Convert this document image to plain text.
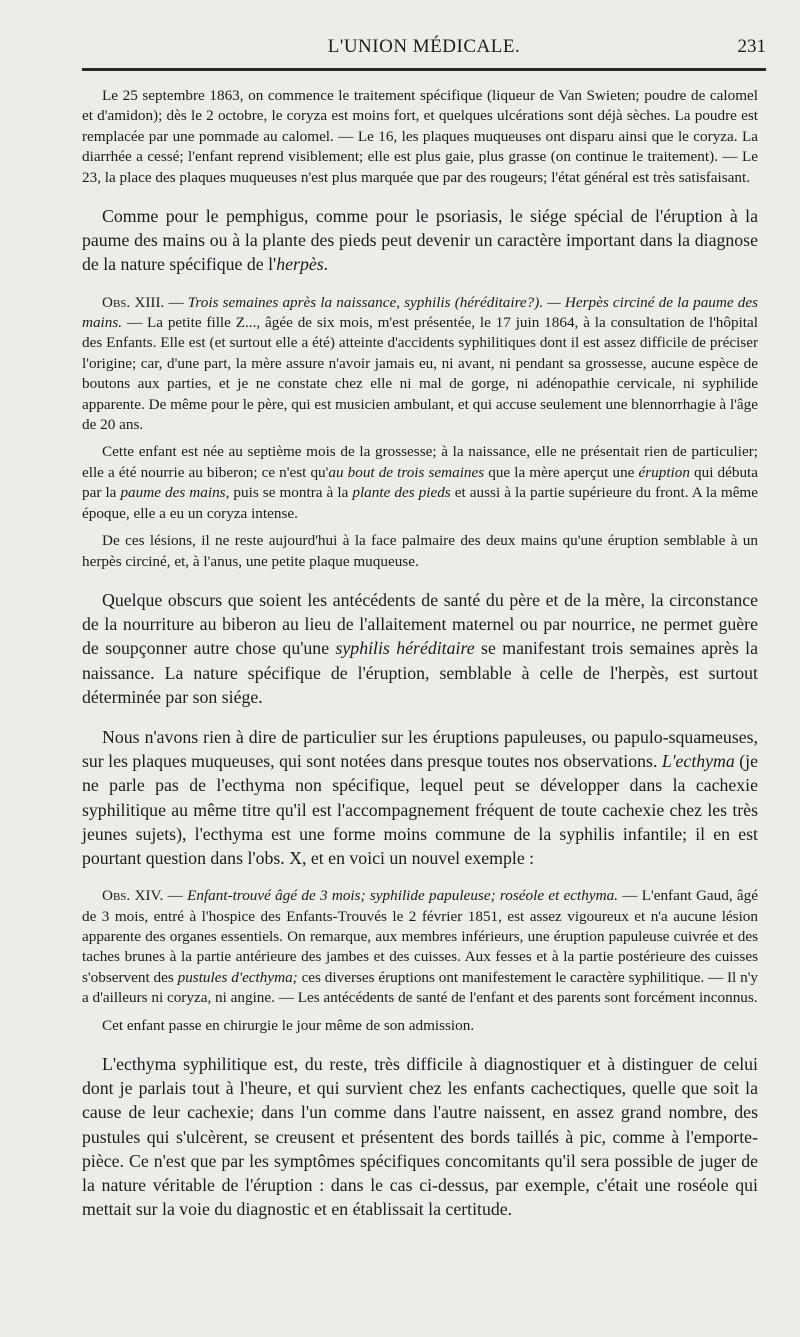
L'UNION MÉDICALE.	231

Le 25 septembre 1863, on commence le traitement spécifique (liqueur de Van Swieten; poudre de calomel et d'amidon); dès le 2 octobre, le coryza est moins fort, et quelques ulcérations sont déjà sèches. La poudre est remplacée par une pommade au calomel. — Le 16, les plaques muqueuses ont disparu ainsi que le coryza. La diarrhée a cessé; l'enfant reprend visiblement; elle est plus gaie, plus grasse (on continue le traitement). — Le 23, la place des plaques muqueuses n'est plus marquée que par des rougeurs; l'état général est très satisfaisant.

Comme pour le pemphigus, comme pour le psoriasis, le siége spécial de l'éruption à la paume des mains ou à la plante des pieds peut devenir un caractère important dans la diagnose de la nature spécifique de l'herpès.

Obs. XIII. — Trois semaines après la naissance, syphilis (héréditaire?). — Herpès circiné de la paume des mains. — La petite fille Z..., âgée de six mois, m'est présentée, le 17 juin 1864, à la consultation de l'hôpital des Enfants. Elle est (et surtout elle a été) atteinte d'accidents syphilitiques dont il est assez difficile de préciser l'origine; car, d'une part, la mère assure n'avoir jamais eu, ni avant, ni pendant sa grossesse, aucune espèce de boutons aux parties, et je ne constate chez elle ni mal de gorge, ni adénopathie cervicale, ni syphilide apparente. De même pour le père, qui est musicien ambulant, et qui accuse seulement une blennorrhagie à l'âge de 20 ans.

Cette enfant est née au septième mois de la grossesse; à la naissance, elle ne présentait rien de particulier; elle a été nourrie au biberon; ce n'est qu'au bout de trois semaines que la mère aperçut une éruption qui débuta par la paume des mains, puis se montra à la plante des pieds et aussi à la partie supérieure du front. A la même époque, elle a eu un coryza intense.

De ces lésions, il ne reste aujourd'hui à la face palmaire des deux mains qu'une éruption semblable à un herpès circiné, et, à l'anus, une petite plaque muqueuse.

Quelque obscurs que soient les antécédents de santé du père et de la mère, la circonstance de la nourriture au biberon au lieu de l'allaitement maternel ou par nourrice, ne permet guère de soupçonner autre chose qu'une syphilis héréditaire se manifestant trois semaines après la naissance. La nature spécifique de l'éruption, semblable à celle de l'herpès, est surtout déterminée par son siége.

Nous n'avons rien à dire de particulier sur les éruptions papuleuses, ou papulo-squameuses, sur les plaques muqueuses, qui sont notées dans presque toutes nos observations. L'ecthyma (je ne parle pas de l'ecthyma non spécifique, lequel peut se développer dans la cachexie syphilitique au même titre qu'il est l'accompagnement fréquent de toute cachexie chez les très jeunes sujets), l'ecthyma est une forme moins commune de la syphilis infantile; il en est pourtant question dans l'obs. X, et en voici un nouvel exemple :

Obs. XIV. — Enfant-trouvé âgé de 3 mois; syphilide papuleuse; roséole et ecthyma. — L'enfant Gaud, âgé de 3 mois, entré à l'hospice des Enfants-Trouvés le 2 février 1851, est assez vigoureux et n'a aucune lésion apparente des organes essentiels. On remarque, aux membres inférieurs, une éruption papuleuse cuivrée et des taches brunes à la partie antérieure des jambes et des cuisses. Aux fesses et à la partie postérieure des cuisses s'observent des pustules d'ecthyma; ces diverses éruptions ont manifestement le caractère syphilitique. — Il n'y a d'ailleurs ni coryza, ni angine. — Les antécédents de santé de l'enfant et des parents sont forcément inconnus.

Cet enfant passe en chirurgie le jour même de son admission.

L'ecthyma syphilitique est, du reste, très difficile à diagnostiquer et à distinguer de celui dont je parlais tout à l'heure, et qui survient chez les enfants cachectiques, quelle que soit la cause de leur cachexie; dans l'un comme dans l'autre naissent, en assez grand nombre, des pustules qui s'ulcèrent, se creusent et présentent des bords taillés à pic, comme à l'emporte-pièce. Ce n'est que par les symptômes spécifiques concomitants qu'il sera possible de juger de la nature véritable de l'éruption : dans le cas ci-dessus, par exemple, c'était une roséole qui mettait sur la voie du diagnostic et en établissait la certitude.
